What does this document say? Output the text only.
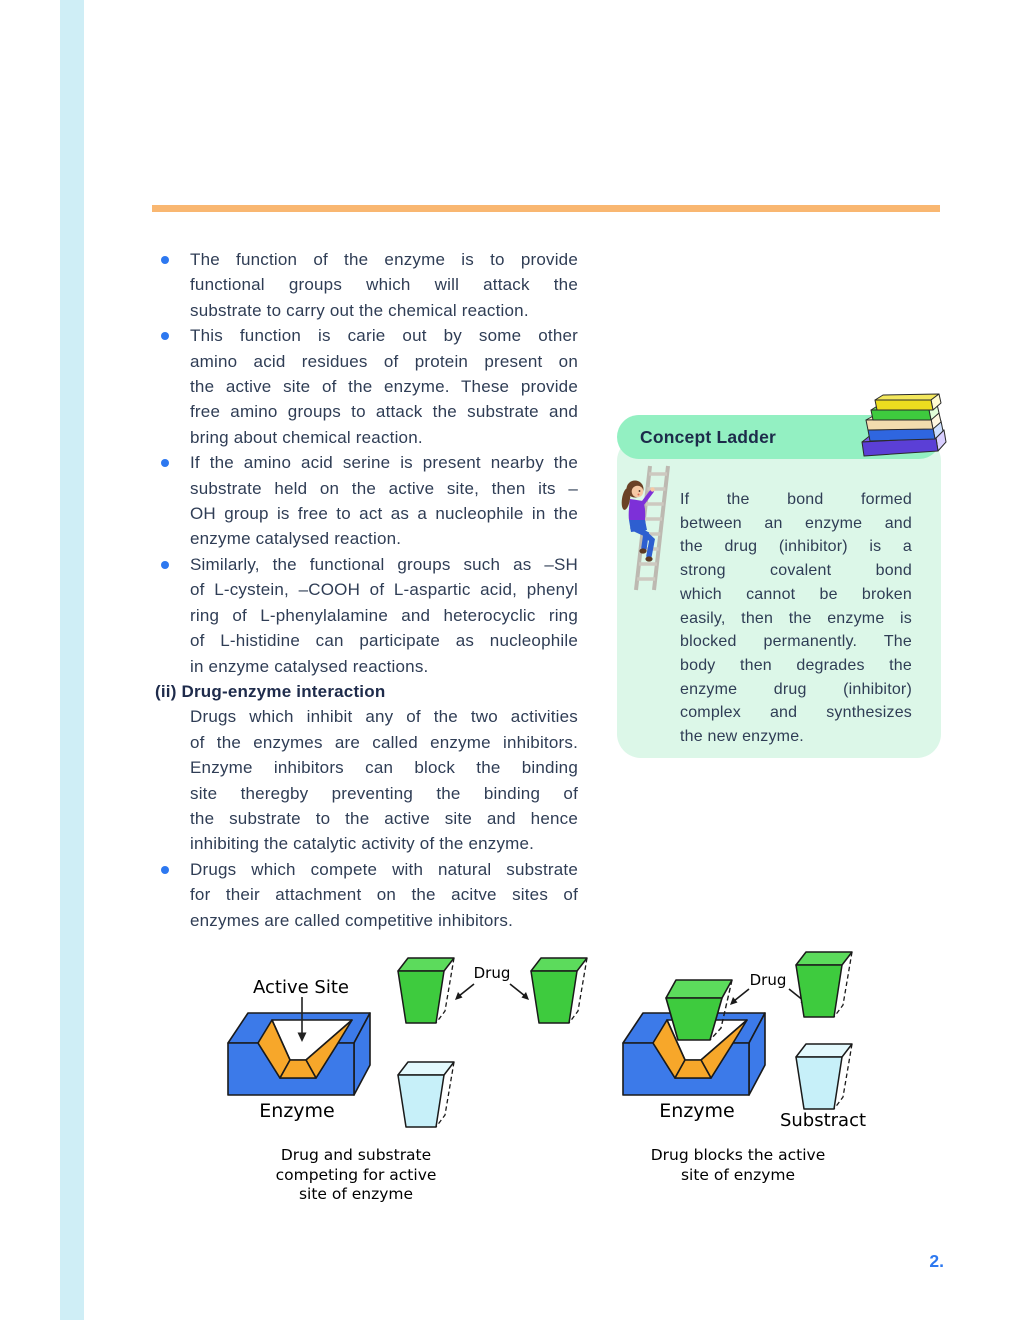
The function of the enzyme is to provide
functional groups which will attack the
substrate to carry out the chemical reaction.
This function is carie out by some other
amino acid residues of protein present on
the active site of the enzyme. These provide
free amino groups to attack the substrate and
bring about chemical reaction.
If the amino acid serine is present nearby the
substrate held on the active site, then its –
OH group is free to act as a nucleophile in the
enzyme catalysed reaction.
Similarly, the functional groups such as –SH
of L-cystein, –COOH of L-aspartic acid, phenyl
ring of L-phenylalamine and heterocyclic ring
of L-histidine can participate as nucleophile
in enzyme catalysed reactions.
(ii) Drug-enzyme interaction
Drugs which inhibit any of the two activities
of the enzymes are called enzyme inhibitors.
Enzyme inhibitors can block the binding
site theregby preventing the binding of
the substrate to the active site and hence
inhibiting the catalytic activity of the enzyme.
Drugs which compete with natural substrate
for their attachment on the acitve sites of
enzymes are called competitive inhibitors.
Concept Ladder
If the bond formed
between an enzyme and
the drug (inhibitor) is a
strong covalent bond
which cannot be broken
easily, then the enzyme is
blocked permanently. The
body then degrades the
enzyme drug (inhibitor)
complex and synthesizes
the new enzyme.
Active Site
Drug
Enzyme
Drug and substrate
competing for active
site of enzyme
Drug
Enzyme	Substract
Drug blocks the active
site of enzyme
2.
